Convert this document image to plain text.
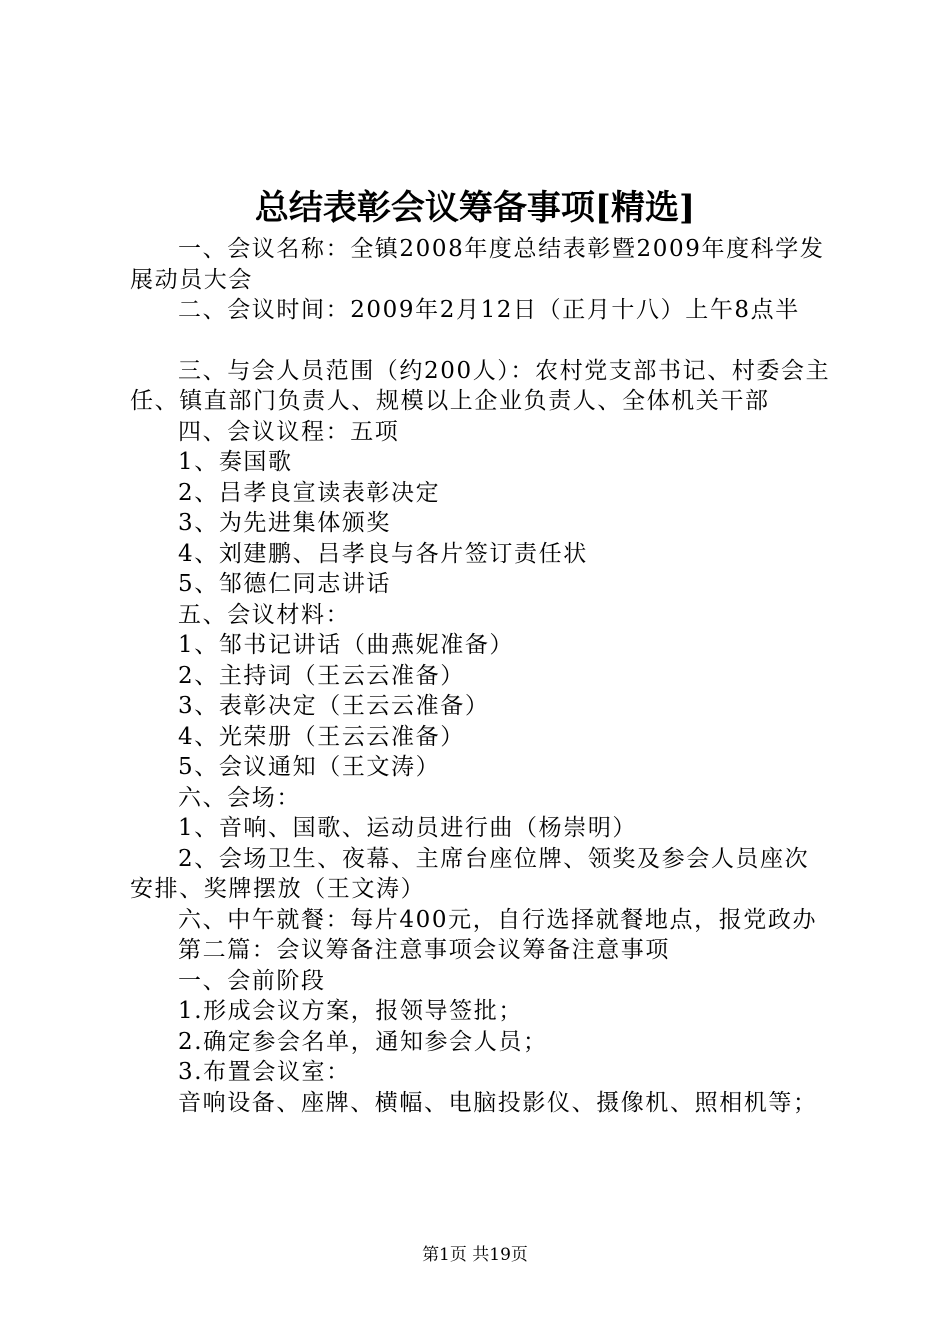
总结表彰会议筹备事项[精选]

一、会议名称：全镇2008年度总结表彰暨2009年度科学发展动员大会

二、会议时间：2009年2月12日（正月十八）上午8点半

三、与会人员范围（约200人）：农村党支部书记、村委会主任、镇直部门负责人、规模以上企业负责人、全体机关干部

四、会议议程：五项

1、奏国歌

2、吕孝良宣读表彰决定

3、为先进集体颁奖

4、刘建鹏、吕孝良与各片签订责任状

5、邹德仁同志讲话

五、会议材料：

1、邹书记讲话（曲燕妮准备）

2、主持词（王云云准备）

3、表彰决定（王云云准备）

4、光荣册（王云云准备）

5、会议通知（王文涛）

六、会场：

1、音响、国歌、运动员进行曲（杨崇明）

2、会场卫生、夜幕、主席台座位牌、领奖及参会人员座次安排、奖牌摆放（王文涛）

六、中午就餐：每片400元，自行选择就餐地点，报党政办

第二篇：会议筹备注意事项会议筹备注意事项

一、会前阶段

1.形成会议方案，报领导签批；

2.确定参会名单，通知参会人员；

3.布置会议室：

音响设备、座牌、横幅、电脑投影仪、摄像机、照相机等；

第1页 共19页
